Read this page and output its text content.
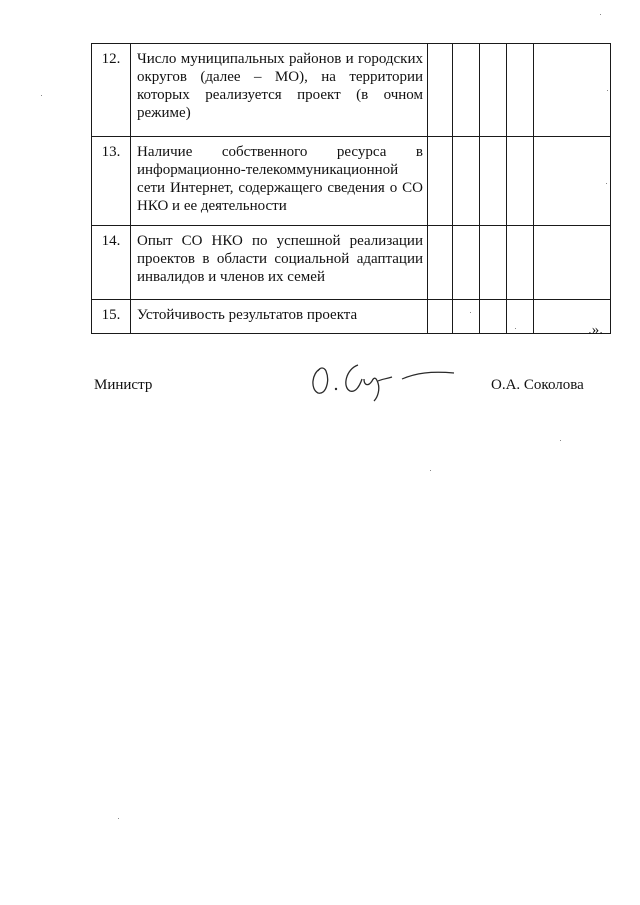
12.	Число муниципальных районов и городских округов (далее – МО), на территории которых реализуется проект (в очном режиме)					
13.	Наличие собственного ресурса в информационно-телекоммуникационной сети Интернет, содержащего сведения о СО НКО и ее деятельности					
14.	Опыт СО НКО по успешной реализации проектов в области социальной адаптации инвалидов и членов их семей					
15.	Устойчивость результатов проекта					
.».
Министр	О.А. Соколова
